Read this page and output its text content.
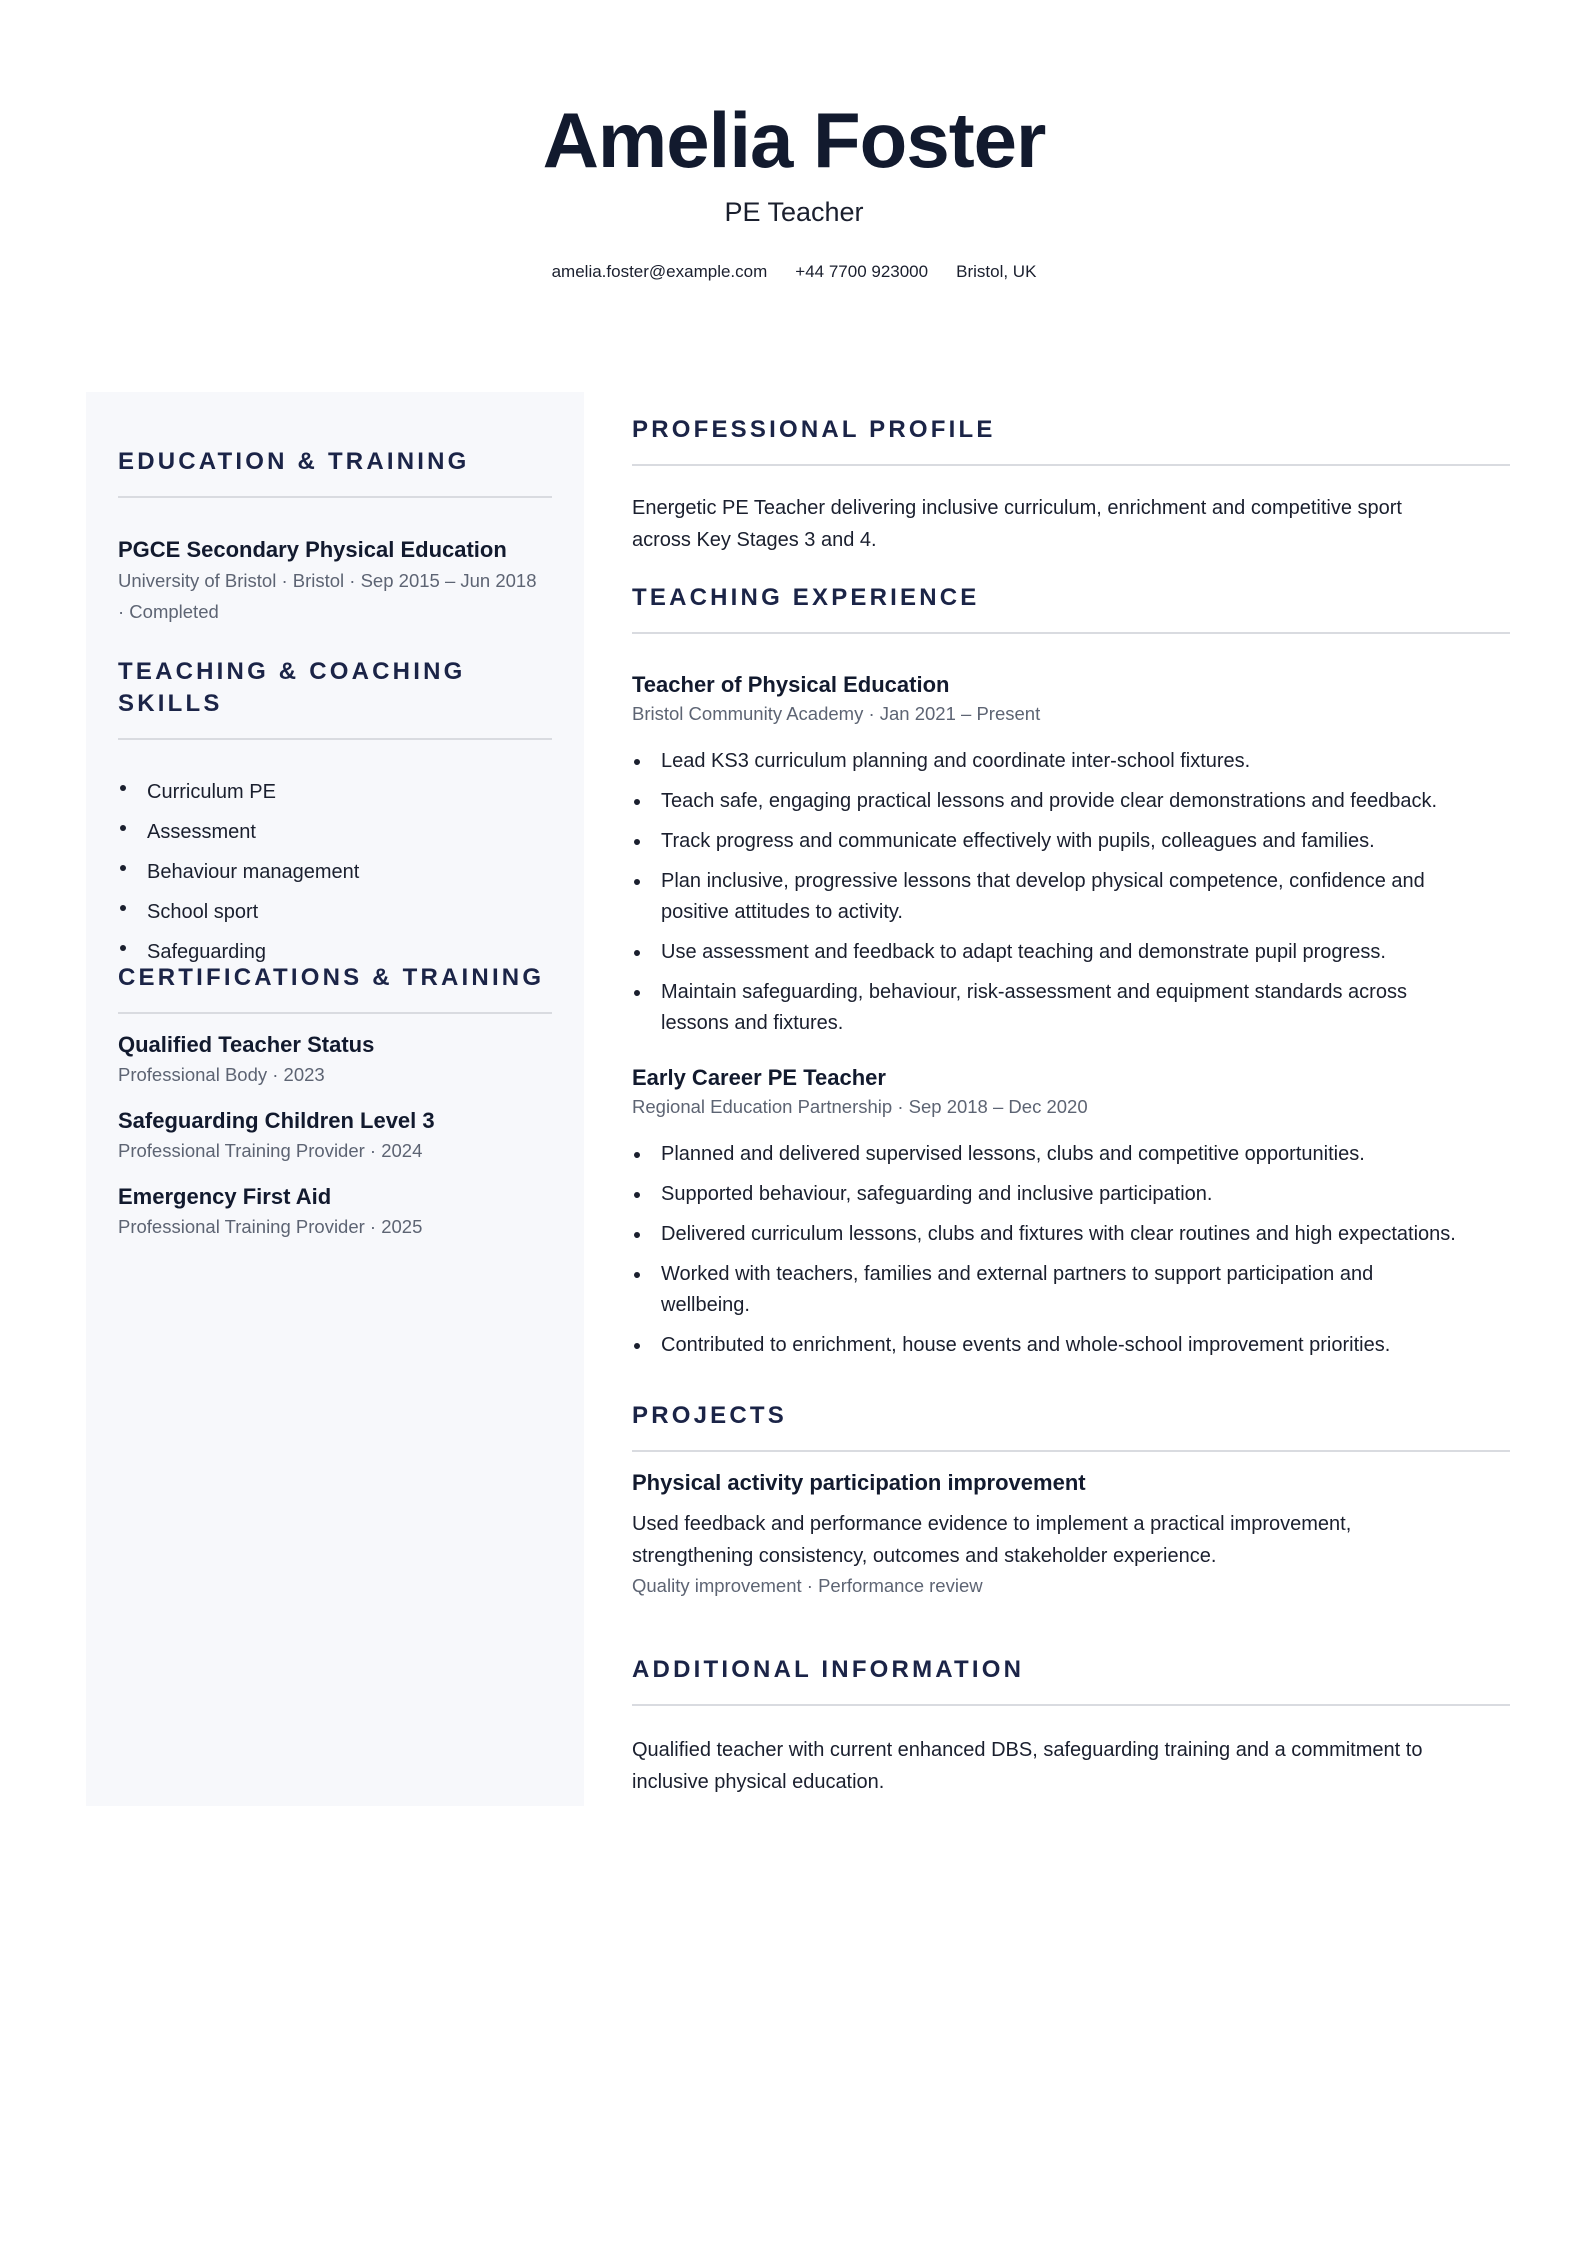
Amelia Foster
PE Teacher
amelia.foster@example.com +44 7700 923000 Bristol, UK
EDUCATION & TRAINING
PGCE Secondary Physical Education
University of Bristol · Bristol · Sep 2015 – Jun 2018
· Completed
TEACHING & COACHING SKILLS
Curriculum PE
Assessment
Behaviour management
School sport
Safeguarding
CERTIFICATIONS & TRAINING
Qualified Teacher Status
Professional Body · 2023
Safeguarding Children Level 3
Professional Training Provider · 2024
Emergency First Aid
Professional Training Provider · 2025
PROFESSIONAL PROFILE
Energetic PE Teacher delivering inclusive curriculum, enrichment and competitive sport
across Key Stages 3 and 4.
TEACHING EXPERIENCE
Teacher of Physical Education
Bristol Community Academy · Jan 2021 – Present
Lead KS3 curriculum planning and coordinate inter-school fixtures.
Teach safe, engaging practical lessons and provide clear demonstrations and feedback.
Track progress and communicate effectively with pupils, colleagues and families.
Plan inclusive, progressive lessons that develop physical competence, confidence and
positive attitudes to activity.
Use assessment and feedback to adapt teaching and demonstrate pupil progress.
Maintain safeguarding, behaviour, risk-assessment and equipment standards across
lessons and fixtures.
Early Career PE Teacher
Regional Education Partnership · Sep 2018 – Dec 2020
Planned and delivered supervised lessons, clubs and competitive opportunities.
Supported behaviour, safeguarding and inclusive participation.
Delivered curriculum lessons, clubs and fixtures with clear routines and high expectations.
Worked with teachers, families and external partners to support participation and
wellbeing.
Contributed to enrichment, house events and whole-school improvement priorities.
PROJECTS
Physical activity participation improvement
Used feedback and performance evidence to implement a practical improvement,
strengthening consistency, outcomes and stakeholder experience.
Quality improvement · Performance review
ADDITIONAL INFORMATION
Qualified teacher with current enhanced DBS, safeguarding training and a commitment to
inclusive physical education.
